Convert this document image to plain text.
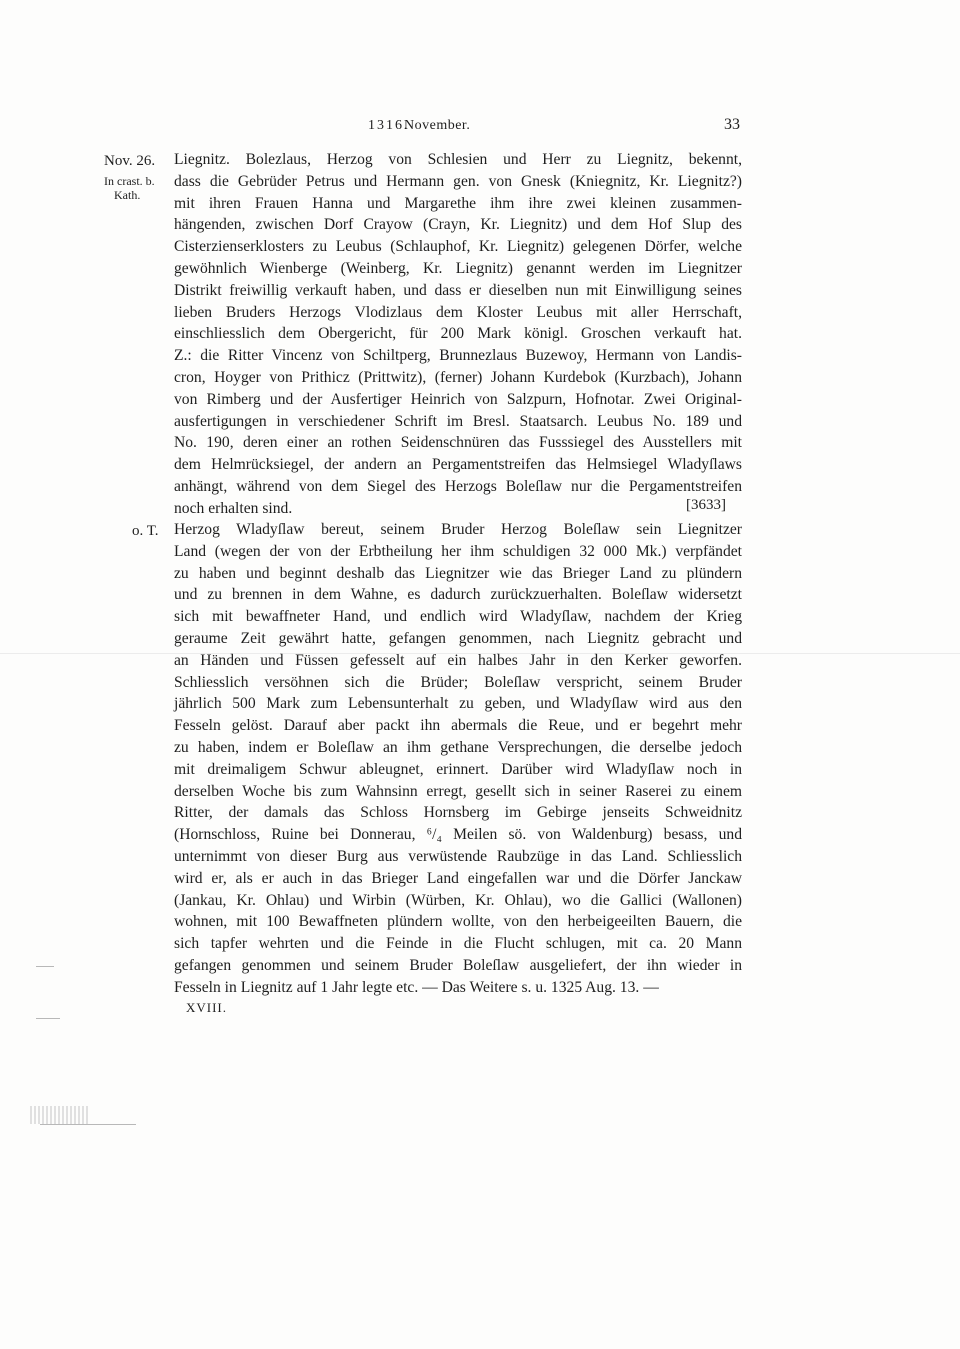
1316.
November.	33
Nov. 26.
In crast. b.
Kath.
o. T.
Liegnitz. Bolezlaus, Herzog von Schlesien und Herr zu Liegnitz, bekennt,
dass die Gebrüder Petrus und Hermann gen. von Gnesk (Kniegnitz, Kr. Liegnitz?)
mit ihren Frauen Hanna und Margarethe ihm ihre zwei kleinen zusammen-
hängenden, zwischen Dorf Crayow (Crayn, Kr. Liegnitz) und dem Hof Slup des
Cisterzienserklosters zu Leubus (Schlauphof, Kr. Liegnitz) gelegenen Dörfer, welche
gewöhnlich Wienberge (Weinberg, Kr. Liegnitz) genannt werden im Liegnitzer
Distrikt freiwillig verkauft haben, und dass er dieselben nun mit Einwilligung seines
lieben Bruders Herzogs Vlodizlaus dem Kloster Leubus mit aller Herrschaft,
einschliesslich dem Obergericht, für 200 Mark königl. Groschen verkauft hat.
Z.: die Ritter Vincenz von Schiltperg, Brunnezlaus Buzewoy, Hermann von Landis-
cron, Hoyger von Prithicz (Prittwitz), (ferner) Johann Kurdebok (Kurzbach), Johann
von Rimberg und der Ausfertiger Heinrich von Salzpurn, Hofnotar. Zwei Original-
ausfertigungen in verschiedener Schrift im Bresl. Staatsarch. Leubus No. 189 und
No. 190, deren einer an rothen Seidenschnüren das Fusssiegel des Ausstellers mit
dem Helmrücksiegel, der andern an Pergamentstreifen das Helmsiegel Wladyſlaws
anhängt, während von dem Siegel des Herzogs Boleſlaw nur die Pergamentstreifen
noch erhalten sind.	[3633]
Herzog Wladyſlaw bereut, seinem Bruder Herzog Boleſlaw sein Liegnitzer
Land (wegen der von der Erbtheilung her ihm schuldigen 32 000 Mk.) verpfändet
zu haben und beginnt deshalb das Liegnitzer wie das Brieger Land zu plündern
und zu brennen in dem Wahne, es dadurch zurückzuerhalten. Boleſlaw widersetzt
sich mit bewaffneter Hand, und endlich wird Wladyſlaw, nachdem der Krieg
geraume Zeit gewährt hatte, gefangen genommen, nach Liegnitz gebracht und
an Händen und Füssen gefesselt auf ein halbes Jahr in den Kerker geworfen.
Schliesslich versöhnen sich die Brüder; Boleſlaw verspricht, seinem Bruder
jährlich 500 Mark zum Lebensunterhalt zu geben, und Wladyſlaw wird aus den
Fesseln gelöst. Darauf aber packt ihn abermals die Reue, und er begehrt mehr
zu haben, indem er Boleſlaw an ihm gethane Versprechungen, die derselbe jedoch
mit dreimaligem Schwur ableugnet, erinnert. Darüber wird Wladyſlaw noch in
derselben Woche bis zum Wahnsinn erregt, gesellt sich in seiner Raserei zu einem
Ritter, der damals das Schloss Hornsberg im Gebirge jenseits Schweidnitz
(Hornschloss, Ruine bei Donnerau, ⁶/₄ Meilen sö. von Waldenburg) besass, und
unternimmt von dieser Burg aus verwüstende Raubzüge in das Land. Schliesslich
wird er, als er auch in das Brieger Land eingefallen war und die Dörfer Janckaw
(Jankau, Kr. Ohlau) und Wirbin (Würben, Kr. Ohlau), wo die Gallici (Wallonen)
wohnen, mit 100 Bewaffneten plündern wollte, von den herbeigeeilten Bauern, die
sich tapfer wehrten und die Feinde in die Flucht schlugen, mit ca. 20 Mann
gefangen genommen und seinem Bruder Boleſlaw ausgeliefert, der ihn wieder in
Fesseln in Liegnitz auf 1 Jahr legte etc. — Das Weitere s. u. 1325 Aug. 13. —
XVIII.
